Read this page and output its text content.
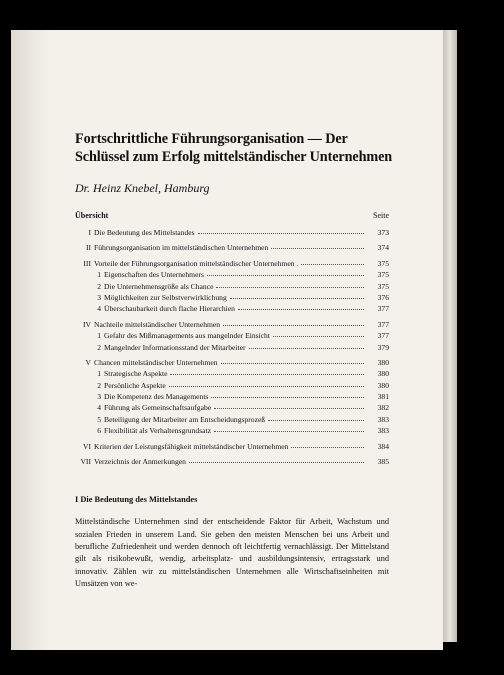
Fortschrittliche Führungsorganisation — Der
Schlüssel zum Erfolg mittelständischer Unternehmen
Dr. Heinz Knebel, Hamburg
Übersicht	Seite
I Die Bedeutung des Mittelstandes	373
II Führungsorganisation im mittelständischen Unternehmen	374
III Vorteile der Führungsorganisation mittelständischer Unternehmen .	375
1 Eigenschaften des Unternehmers	375
2 Die Unternehmensgröße als Chance	375
3 Möglichkeiten zur Selbstverwirklichung	376
4 Überschaubarkeit durch flache Hierarchien	377
IV Nachteile mittelständischer Unternehmen	377
1 Gefahr des Mißmanagements aus mangelnder Einsicht	377
2 Mangelnder Informationsstand der Mitarbeiter	379
V Chancen mittelständischer Unternehmen	380
1 Strategische Aspekte	380
2 Persönliche Aspekte	380
3 Die Kompetenz des Managements	381
4 Führung als Gemeinschaftsaufgabe	382
5 Beteiligung der Mitarbeiter am Entscheidungsprozeß	383
6 Flexibilität als Verhaltensgrundsatz	383
VI Kriterien der Leistungsfähigkeit mittelständischer Unternehmen	384
VII Verzeichnis der Anmerkungen	385
I Die Bedeutung des Mittelstandes
Mittelständische Unternehmen sind der entscheidende Faktor für Arbeit, Wachstum und sozialen Frieden in unserem Land. Sie geben den meisten Menschen bei uns Arbeit und berufliche Zufriedenheit und werden dennoch oft leichtfertig vernachlässigt. Der Mittelstand gilt als risikobewußt, wendig, arbeitsplatz- und ausbildungsintensiv, ertragsstark und innovativ. Zählen wir zu mittelständischen Unternehmen alle Wirtschaftseinheiten mit Umsätzen von we-
